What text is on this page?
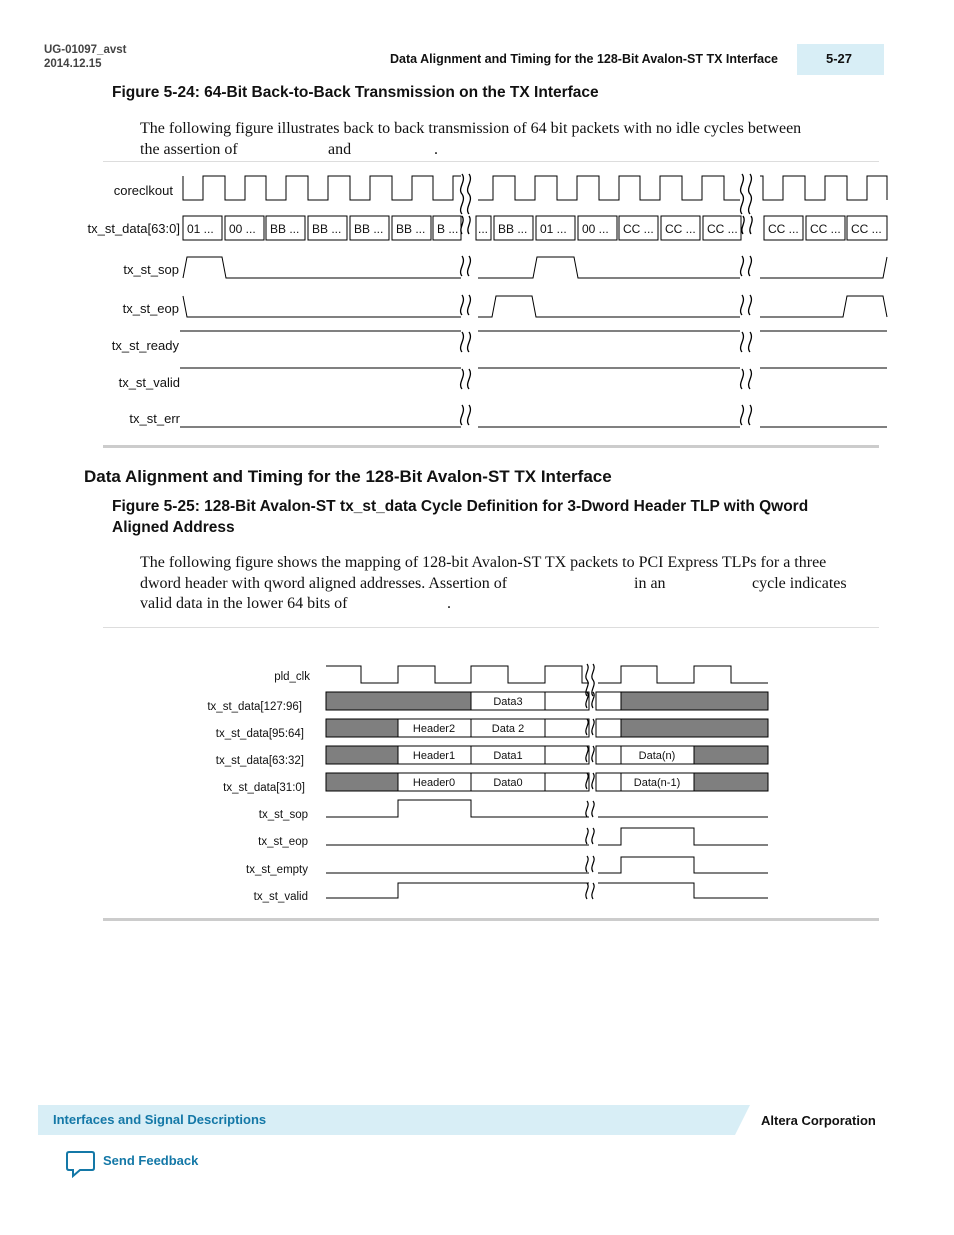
UG-01097_avst
2014.12.15	Data Alignment and Timing for the 128-Bit Avalon-ST TX Interface	5-27
Figure 5-24: 64-Bit Back-to-Back Transmission on the TX Interface
The following figure illustrates back to back transmission of 64 bit packets with no idle cycles between
the assertion of	and	.
coreclkout
tx_st_data[63:0]
tx_st_sop
tx_st_eop
tx_st_ready
tx_st_valid
tx_st_err
01 ... 00 ... BB ... BB ... BB ... BB ... B ... ... BB ... 01 ... 00 ... CC ... CC ... CC ...	CC ... CC ... CC ...
Data Alignment and Timing for the 128-Bit Avalon-ST TX Interface
Figure 5-25: 128-Bit Avalon-ST tx_st_data Cycle Definition for 3-Dword Header TLP with Qword
Aligned Address
The following figure shows the mapping of 128-bit Avalon-ST TX packets to PCI Express TLPs for a three
dword header with qword aligned addresses. Assertion of	in an	cycle indicates
valid data in the lower 64 bits of	.
pld_clk
tx_st_data[127:96]
tx_st_data[95:64]
tx_st_data[63:32]
tx_st_data[31:0]
tx_st_sop
tx_st_eop
tx_st_empty
tx_st_valid
Data3
Header2	Data 2
Header1	Data1	Data(n)
Header0	Data0	Data(n-1)
Interfaces and Signal Descriptions	Altera Corporation
Send Feedback
